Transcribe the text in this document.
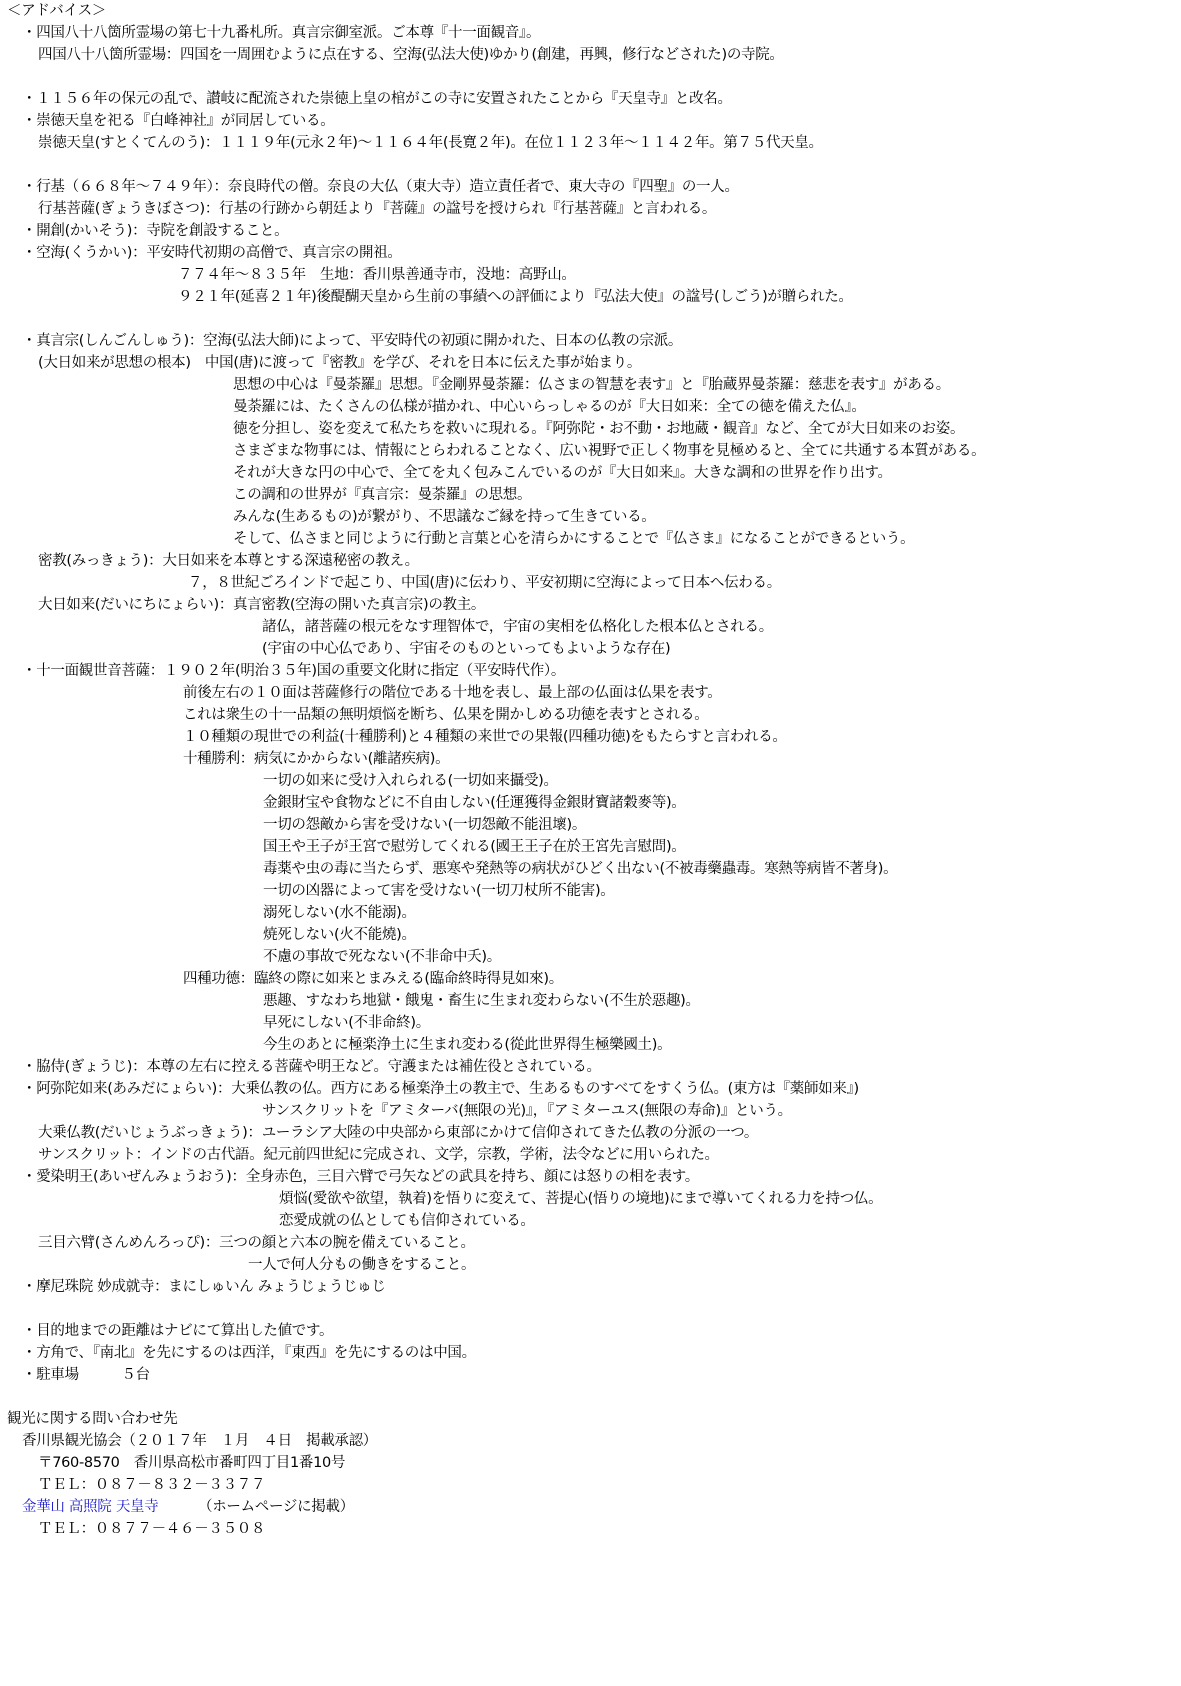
＜アドバイス＞
・四国八十八箇所霊場の第七十九番札所。真言宗御室派。ご本尊『十一面観音』。
四国八十八箇所霊場：四国を一周囲むように点在する、空海(弘法大使)ゆかり(創建，再興，修行などされた)の寺院。
・１１５６年の保元の乱で、讃岐に配流された崇徳上皇の棺がこの寺に安置されたことから『天皇寺』と改名。
・崇徳天皇を祀る『白峰神社』が同居している。
崇徳天皇(すとくてんのう)：１１１９年(元永２年)～１１６４年(長寛２年)。在位１１２３年～１１４２年。第７５代天皇。
・行基（６６８年～７４９年）：奈良時代の僧。奈良の大仏（東大寺）造立責任者で、東大寺の『四聖』の一人。
行基菩薩(ぎょうきぼさつ)：行基の行跡から朝廷より『菩薩』の諡号を授けられ『行基菩薩』と言われる。
・開創(かいそう)：寺院を創設すること。
・空海(くうかい)：平安時代初期の高僧で、真言宗の開祖。
７７４年～８３５年　生地：香川県善通寺市，没地：高野山。
９２１年(延喜２１年)後醍醐天皇から生前の事績への評価により『弘法大使』の諡号(しごう)が贈られた。
・真言宗(しんごんしゅう)：空海(弘法大師)によって、平安時代の初頭に開かれた、日本の仏教の宗派。
(大日如来が思想の根本)　中国(唐)に渡って『密教』を学び、それを日本に伝えた事が始まり。
思想の中心は『曼荼羅』思想。『金剛界曼荼羅：仏さまの智慧を表す』と『胎蔵界曼荼羅：慈悲を表す』がある。
曼荼羅には、たくさんの仏様が描かれ、中心いらっしゃるのが『大日如来：全ての徳を備えた仏』。
徳を分担し、姿を変えて私たちを救いに現れる。『阿弥陀・お不動・お地蔵・観音』など、全てが大日如来のお姿。
さまざまな物事には、情報にとらわれることなく、広い視野で正しく物事を見極めると、全てに共通する本質がある。
それが大きな円の中心で、全てを丸く包みこんでいるのが『大日如来』。大きな調和の世界を作り出す。
この調和の世界が『真言宗：曼荼羅』の思想。
みんな(生あるもの)が繋がり、不思議なご縁を持って生きている。
そして、仏さまと同じように行動と言葉と心を清らかにすることで『仏さま』になることができるという。
密教(みっきょう)：大日如来を本尊とする深遠秘密の教え。
７，８世紀ごろインドで起こり、中国(唐)に伝わり、平安初期に空海によって日本へ伝わる。
大日如来(だいにちにょらい)：真言密教(空海の開いた真言宗)の教主。
諸仏，諸菩薩の根元をなす理智体で，宇宙の実相を仏格化した根本仏とされる。
(宇宙の中心仏であり、宇宙そのものといってもよいような存在)
・十一面観世音菩薩：１９０２年(明治３５年)国の重要文化財に指定（平安時代作）。
前後左右の１０面は菩薩修行の階位である十地を表し、最上部の仏面は仏果を表す。
これは衆生の十一品類の無明煩悩を断ち、仏果を開かしめる功徳を表すとされる。
１０種類の現世での利益(十種勝利)と４種類の来世での果報(四種功徳)をもたらすと言われる。
十種勝利：病気にかからない(離諸疾病)。
一切の如来に受け入れられる(一切如来攝受)。
金銀財宝や食物などに不自由しない(任運獲得金銀財寶諸穀麥等)。
一切の怨敵から害を受けない(一切怨敵不能沮壞)。
国王や王子が王宮で慰労してくれる(國王王子在於王宮先言慰問)。
毒薬や虫の毒に当たらず、悪寒や発熱等の病状がひどく出ない(不被毒藥蟲毒。寒熱等病皆不著身)。
一切の凶器によって害を受けない(一切刀杖所不能害)。
溺死しない(水不能溺)。
焼死しない(火不能燒)。
不慮の事故で死なない(不非命中夭)。
四種功德：臨終の際に如来とまみえる(臨命終時得見如來)。
悪趣、すなわち地獄・餓鬼・畜生に生まれ変わらない(不生於惡趣)。
早死にしない(不非命終)。
今生のあとに極楽浄土に生まれ変わる(從此世界得生極樂國土)。
・脇侍(ぎょうじ)：本尊の左右に控える菩薩や明王など。守護または補佐役とされている。
・阿弥陀如来(あみだにょらい)：大乗仏教の仏。西方にある極楽浄土の教主で、生あるものすべてをすくう仏。(東方は『薬師如来』)
サンスクリットを『アミターバ(無限の光)』，『アミターユス(無限の寿命)』という。
大乗仏教(だいじょうぶっきょう)：ユーラシア大陸の中央部から東部にかけて信仰されてきた仏教の分派の一つ。
サンスクリット：インドの古代語。紀元前四世紀に完成され、文学，宗教，学術，法令などに用いられた。
・愛染明王(あいぜんみょうおう)：全身赤色，三目六臂で弓矢などの武具を持ち、顔には怒りの相を表す。
煩悩(愛欲や欲望，執着)を悟りに変えて、菩提心(悟りの境地)にまで導いてくれる力を持つ仏。
恋愛成就の仏としても信仰されている。
三目六臂(さんめんろっぴ)：三つの顔と六本の腕を備えていること。
一人で何人分もの働きをすること。
・摩尼珠院 妙成就寺：まにしゅいん みょうじょうじゅじ
・目的地までの距離はナビにて算出した値です。
・方角で、『南北』を先にするのは西洋，『東西』を先にするのは中国。
・駐車場　　　５台
観光に関する問い合わせ先
香川県観光協会（２０１７年　１月　４日　掲載承認）
〒760-8570　香川県高松市番町四丁目1番10号
ＴＥＬ：０８７－８３２－３３７７
金華山 高照院 天皇寺	（ホームページに掲載）
ＴＥＬ：０８７７－４６－３５０８
